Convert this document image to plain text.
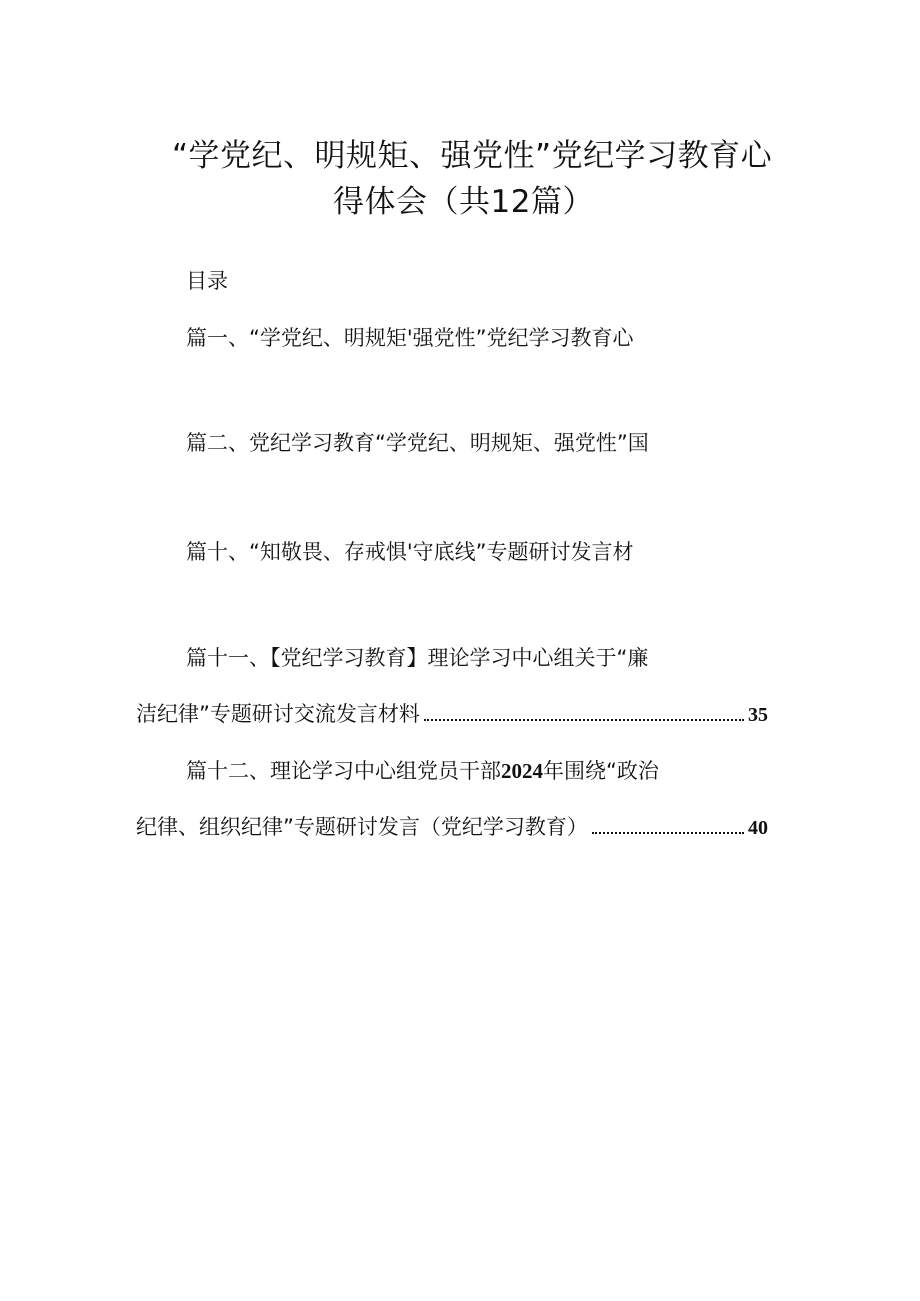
“学党纪、明规矩、强党性”党纪学习教育心
得体会（共12篇）
目录
篇一、“学党纪、明规矩'强党性”党纪学习教育心
篇二、党纪学习教育“学党纪、明规矩、强党性”国
篇十、“知敬畏、存戒惧'守底线”专题研讨发言材
篇十一、【党纪学习教育】理论学习中心组关于“廉
洁纪律”专题研讨交流发言材料	35
篇十二、理论学习中心组党员干部2024年围绕“政治
纪律、组织纪律”专题研讨发言（党纪学习教育）	40
